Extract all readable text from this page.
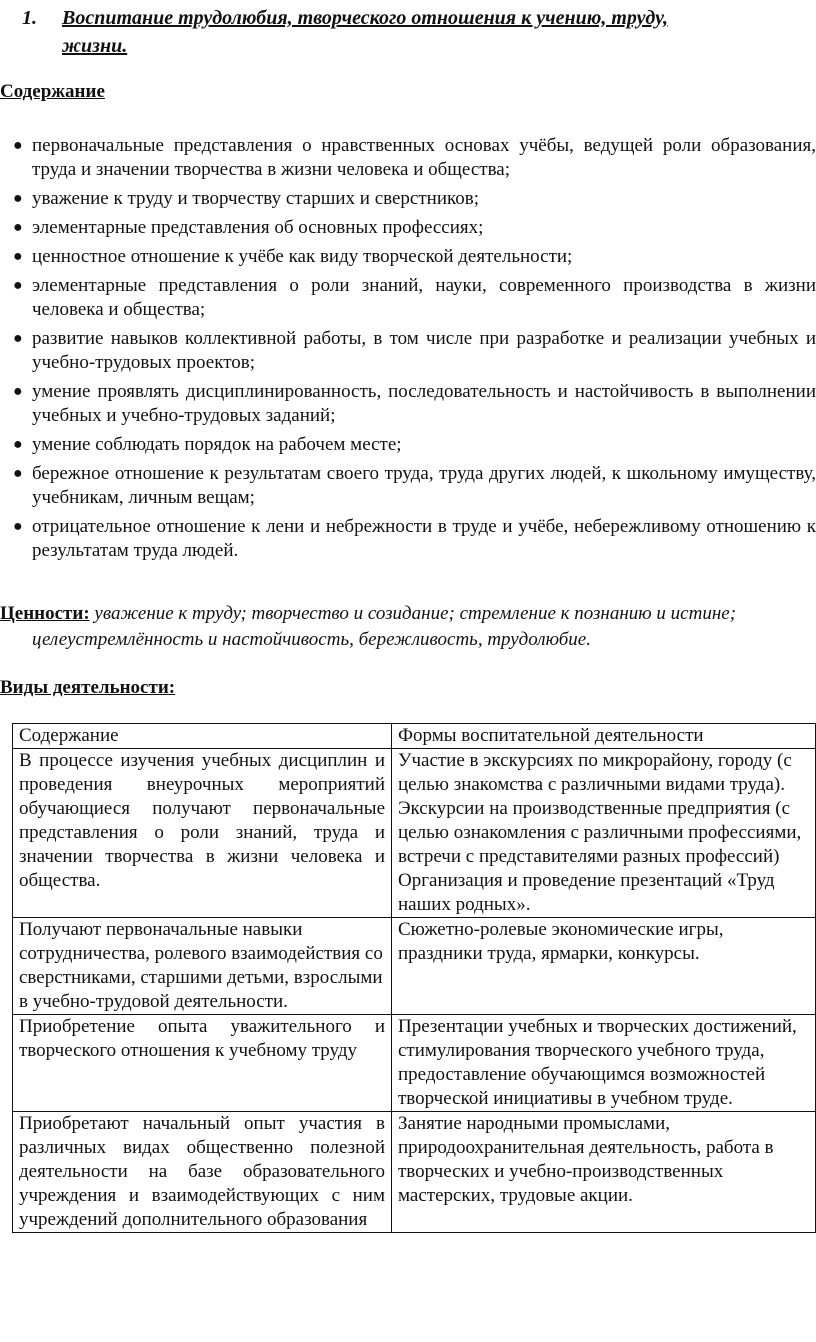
1. Воспитание трудолюбия, творческого отношения к учению, труду,
жизни.
Содержание
● первоначальные представления о нравственных основах учёбы, ведущей роли образования, труда и значении творчества в жизни человека и общества;
● уважение к труду и творчеству старших и сверстников;
● элементарные представления об основных профессиях;
● ценностное отношение к учёбе как виду творческой деятельности;
● элементарные представления о роли знаний, науки, современного производства в жизни человека и общества;
● развитие навыков коллективной работы, в том числе при разработке и реализации учебных и учебно-трудовых проектов;
● умение проявлять дисциплинированность, последовательность и настойчивость в выполнении учебных и учебно-трудовых заданий;
● умение соблюдать порядок на рабочем месте;
● бережное отношение к результатам своего труда, труда других людей, к школьному имуществу, учебникам, личным вещам;
● отрицательное отношение к лени и небрежности в труде и учёбе, небережливому отношению к результатам труда людей.
Ценности: уважение к труду; творчество и созидание; стремление к познанию и истине;
целеустремлённость и настойчивость, бережливость, трудолюбие.
Виды деятельности:
Содержание	Формы воспитательной деятельности
В процессе изучения учебных дисциплин и проведения внеурочных мероприятий обучающиеся получают первоначальные представления о роли знаний, труда и значении творчества в жизни человека и общества.	Участие в экскурсиях по микрорайону, городу (с целью знакомства с различными видами труда). Экскурсии на производственные предприятия (с целью ознакомления с различными профессиями, встречи с представителями разных профессий) Организация и проведение презентаций «Труд наших родных».
Получают первоначальные навыки сотрудничества, ролевого взаимодействия со сверстниками, старшими детьми, взрослыми в учебно-трудовой деятельности.	Сюжетно-ролевые экономические игры, праздники труда, ярмарки, конкурсы.
Приобретение опыта уважительного и творческого отношения к учебному труду	Презентации учебных и творческих достижений, стимулирования творческого учебного труда, предоставление обучающимся возможностей творческой инициативы в учебном труде.
Приобретают начальный опыт участия в различных видах общественно полезной деятельности на базе образовательного учреждения и взаимодействующих с ним учреждений дополнительного образования	Занятие народными промыслами, природоохранительная деятельность, работа в творческих и учебно-производственных мастерских, трудовые акции.
